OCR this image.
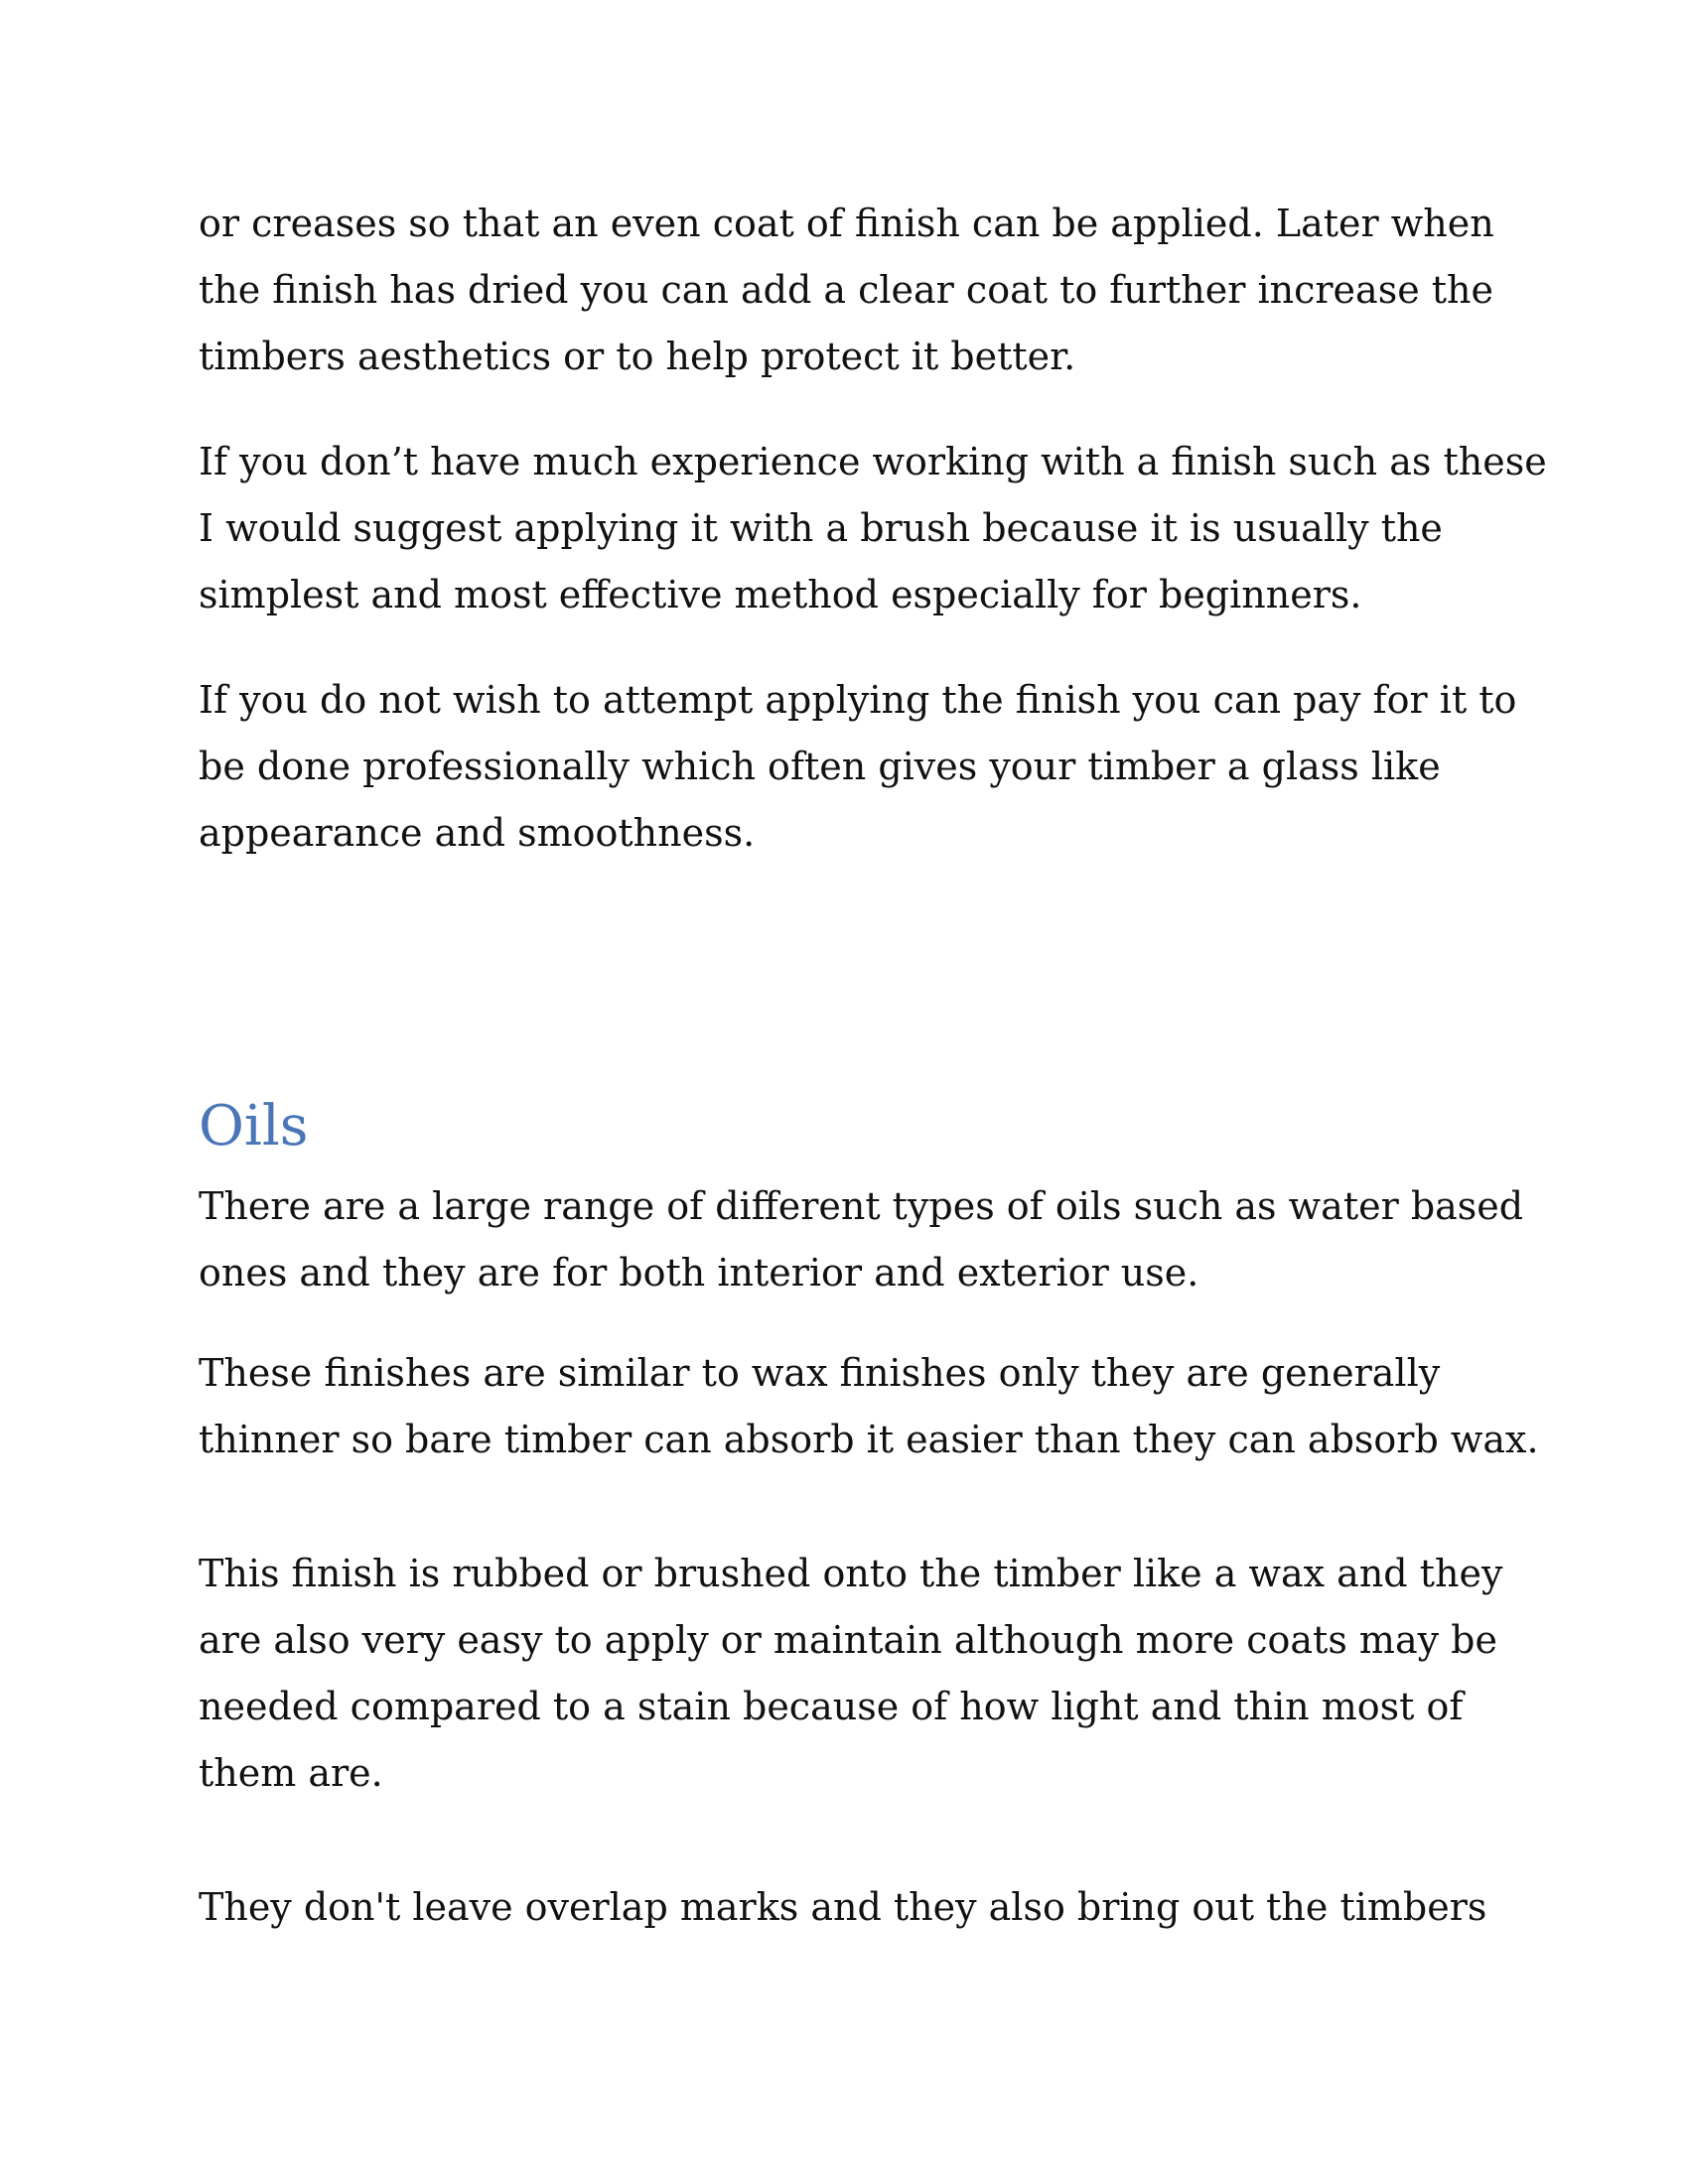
or creases so that an even coat of finish can be applied. Later when the finish has dried you can add a clear coat to further increase the timbers aesthetics or to help protect it better.

If you don’t have much experience working with a finish such as these I would suggest applying it with a brush because it is usually the simplest and most effective method especially for beginners.

If you do not wish to attempt applying the finish you can pay for it to be done professionally which often gives your timber a glass like appearance and smoothness.

Oils

There are a large range of different types of oils such as water based ones and they are for both interior and exterior use.

These finishes are similar to wax finishes only they are generally thinner so bare timber can absorb it easier than they can absorb wax.

This finish is rubbed or brushed onto the timber like a wax and they are also very easy to apply or maintain although more coats may be needed compared to a stain because of how light and thin most of them are.

They don't leave overlap marks and they also bring out the timbers
